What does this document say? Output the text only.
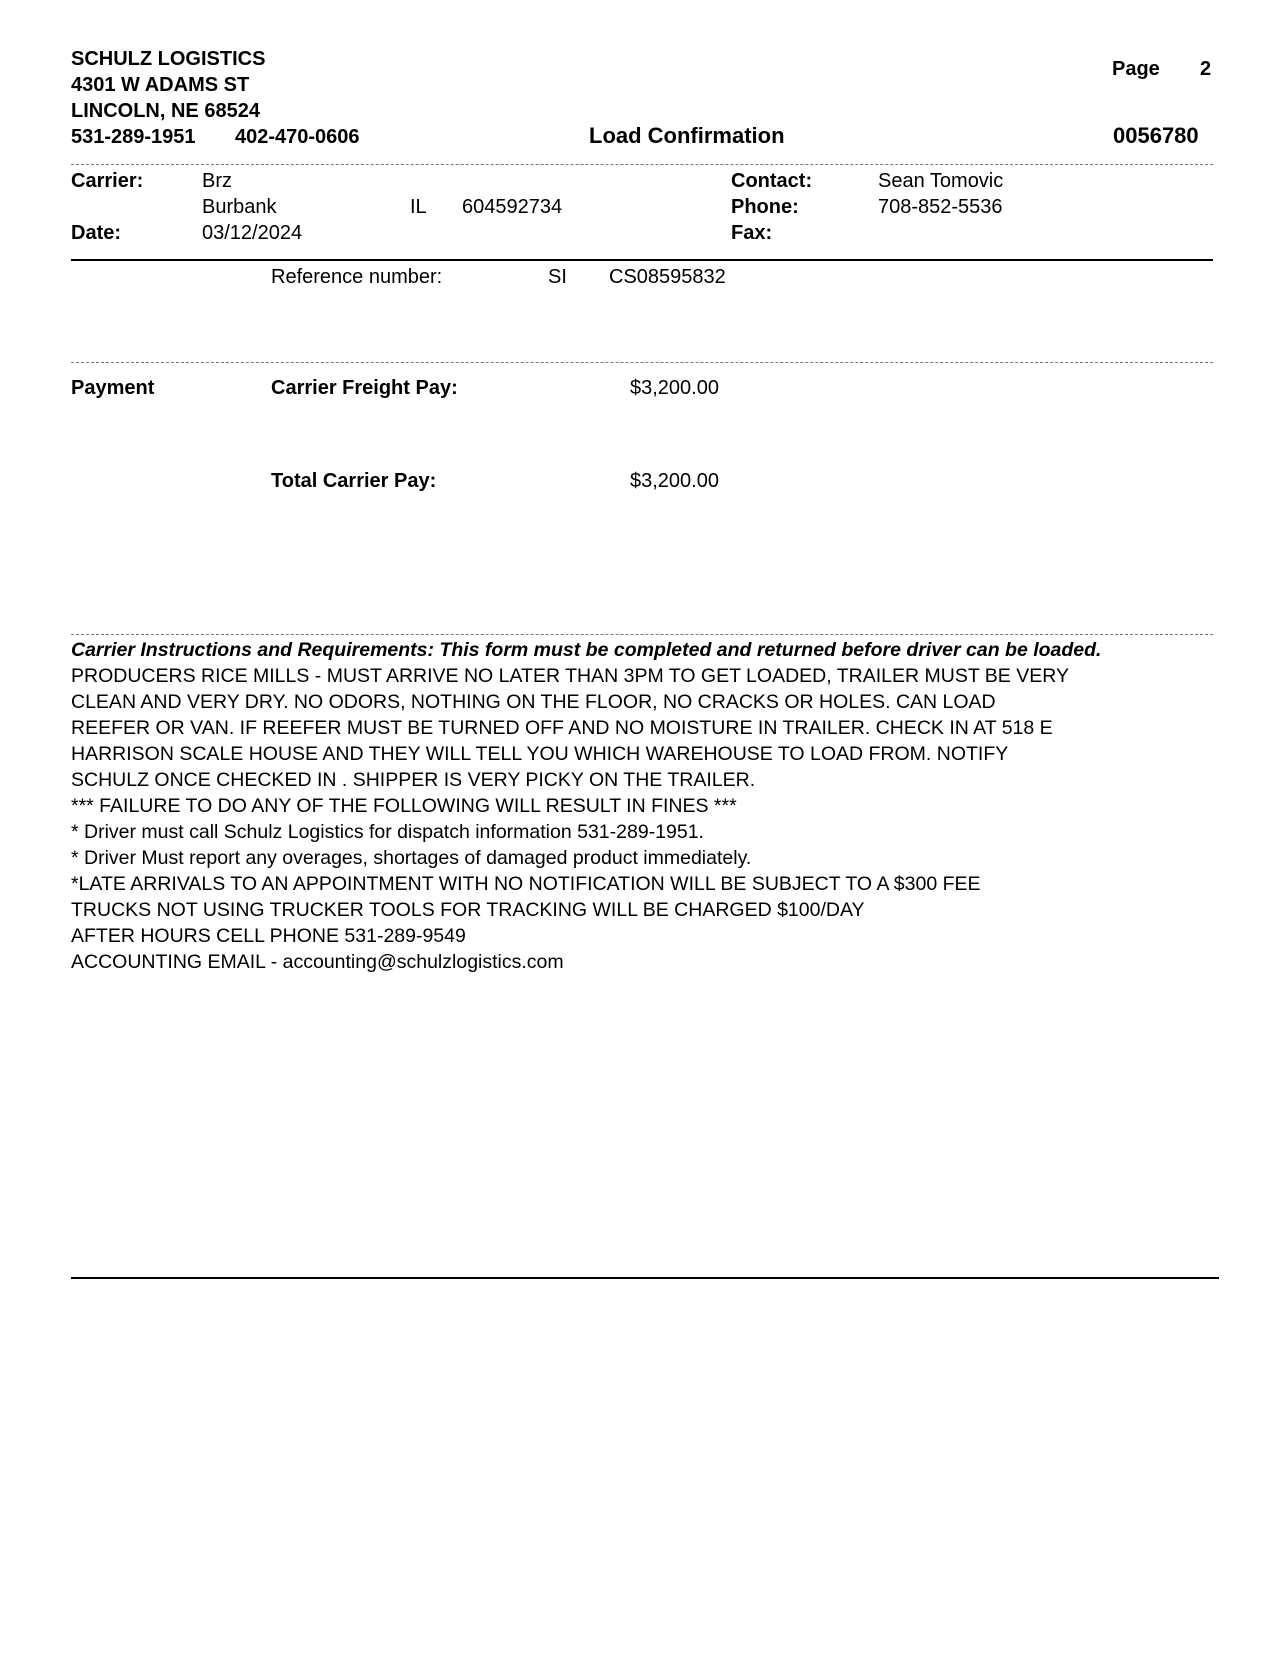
SCHULZ LOGISTICS
4301 W ADAMS ST
LINCOLN, NE 68524
531-289-1951 402-470-0606
Page 2
Load Confirmation	0056780
Carrier:	Brz
Burbank	IL 604592734
Date:	03/12/2024
Contact:	Sean Tomovic
Phone:	708-852-5536
Fax:
Reference number:	SI CS08595832
Payment	Carrier Freight Pay:	$3,200.00
Total Carrier Pay:	$3,200.00
Carrier Instructions and Requirements: This form must be completed and returned before driver can be loaded.
PRODUCERS RICE MILLS - MUST ARRIVE NO LATER THAN 3PM TO GET LOADED, TRAILER MUST BE VERY
CLEAN AND VERY DRY. NO ODORS, NOTHING ON THE FLOOR, NO CRACKS OR HOLES. CAN LOAD
REEFER OR VAN. IF REEFER MUST BE TURNED OFF AND NO MOISTURE IN TRAILER. CHECK IN AT 518 E
HARRISON SCALE HOUSE AND THEY WILL TELL YOU WHICH WAREHOUSE TO LOAD FROM. NOTIFY
SCHULZ ONCE CHECKED IN . SHIPPER IS VERY PICKY ON THE TRAILER.
*** FAILURE TO DO ANY OF THE FOLLOWING WILL RESULT IN FINES ***
* Driver must call Schulz Logistics for dispatch information 531-289-1951.
* Driver Must report any overages, shortages of damaged product immediately.
*LATE ARRIVALS TO AN APPOINTMENT WITH NO NOTIFICATION WILL BE SUBJECT TO A $300 FEE
TRUCKS NOT USING TRUCKER TOOLS FOR TRACKING WILL BE CHARGED $100/DAY
AFTER HOURS CELL PHONE 531-289-9549
ACCOUNTING EMAIL - accounting@schulzlogistics.com
